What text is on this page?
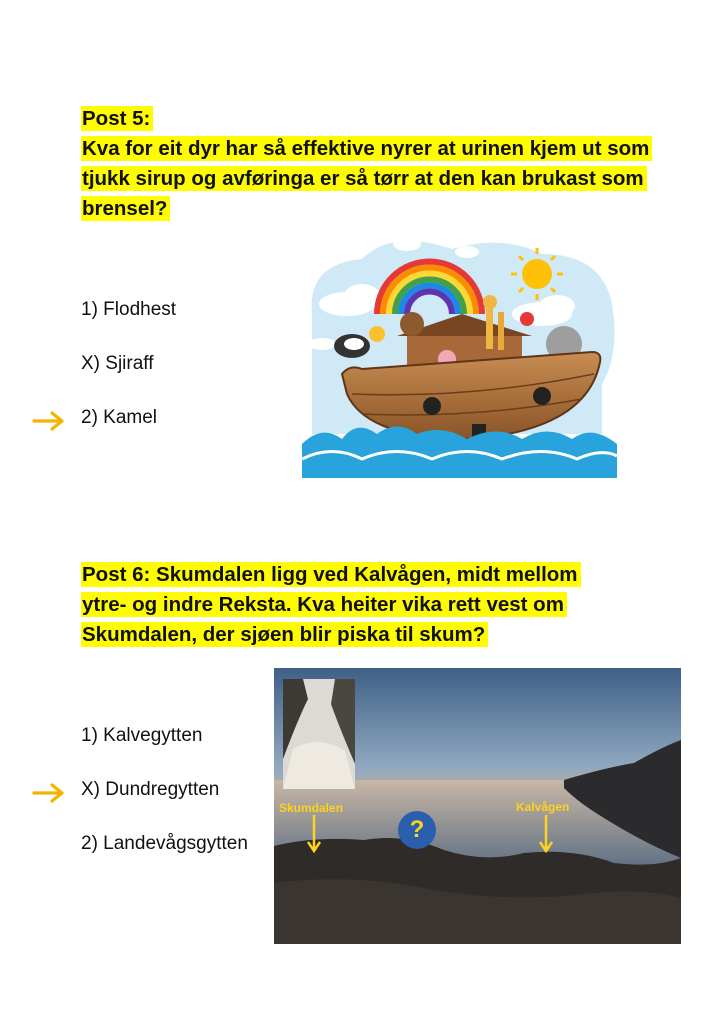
Post 5:
Kva for eit dyr har så effektive nyrer at urinen kjem ut som tjukk sirup og avføringa er så tørr at den kan brukast som brensel?
1) Flodhest
X) Sjiraff
2) Kamel
Post 6: Skumdalen ligg ved Kalvågen, midt mellom ytre- og indre Reksta. Kva heiter vika rett vest om Skumdalen, der sjøen blir piska til skum?
1) Kalvegytten
X) Dundregytten
2) Landevågsgytten
Skumdalen	Kalvågen
?
